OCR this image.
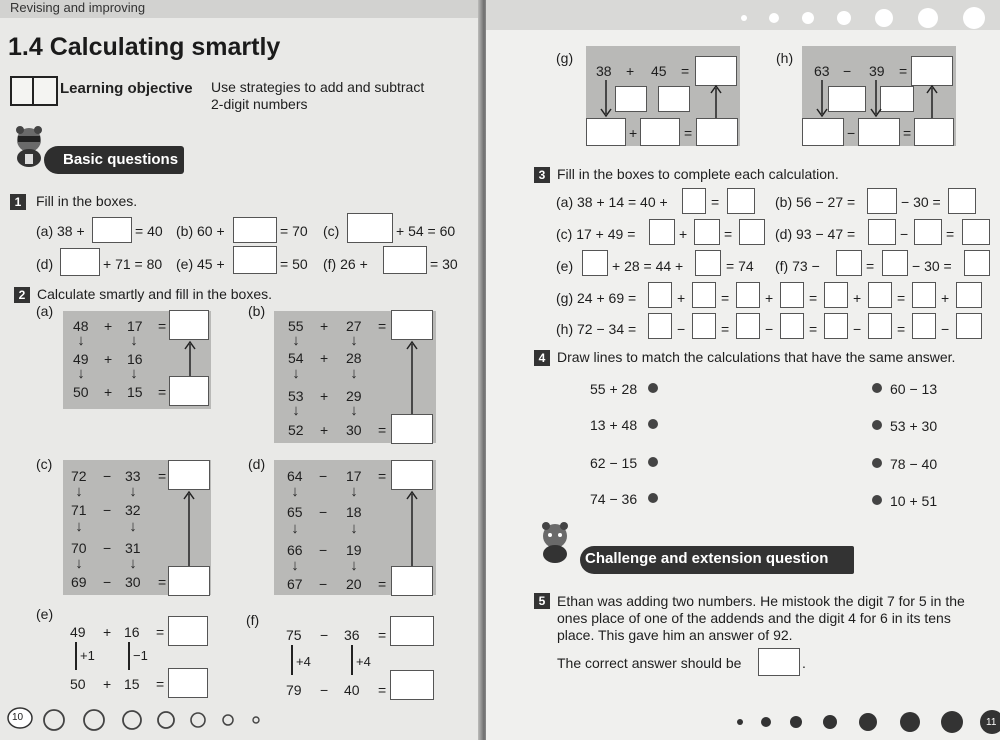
Revising and improving
1.4 Calculating smartly
Learning objective Use strategies to add and subtract
2-digit numbers
Basic questions
1	Fill in the boxes.
(a) 38 +	= 40 (b) 60 +	= 70 (c)	+ 54 = 60
(d)	+ 71 = 80 (e) 45 +	= 50 (f) 26 +	= 30
2 Calculate smartly and fill in the boxes.
(a)
48 + 17 =
↓	↓
49 + 16
↓	↓
50 + 15 =
(b)
55 + 27 =
↓	↓
54 + 28
↓	↓
53 + 29
↓	↓
52 + 30 =
(c)
72 − 33 =
↓	↓
71 − 32
↓	↓
70 − 31
↓	↓
69 − 30 =
(d)
64 − 17 =
↓	↓
65 − 18
↓	↓
66 − 19
↓	↓
67 − 20 =
(e)
49 + 16 =
+1	−1
50 + 15 =
(f)
75 − 36 =
+4	+4
79 − 40 =
10
(g)
38 + 45 =
+	=
(h)
63 − 39 =
−	=
3 Fill in the boxes to complete each calculation.
(a) 38 + 14 = 40 +	=	(b) 56 − 27 =	− 30 =
(c) 17 + 49 =	+	=	(d) 93 − 47 =	−	=
(e)	+ 28 = 44 +	= 74 (f) 73 −	=	− 30 =
(g) 24 + 69 =	+	=	+	=	+	=	+
(h) 72 − 34 =	−	=	−	=	−	=	−
4 Draw lines to match the calculations that have the same answer.
55 + 28
13 + 48
62 − 15
74 − 36
60 − 13
53 + 30
78 − 40
10 + 51
Challenge and extension question
5 Ethan was adding two numbers. He mistook the digit 7 for 5 in the
ones place of one of the addends and the digit 4 for 6 in its tens
place. This gave him an answer of 92.
The correct answer should be	.
11
